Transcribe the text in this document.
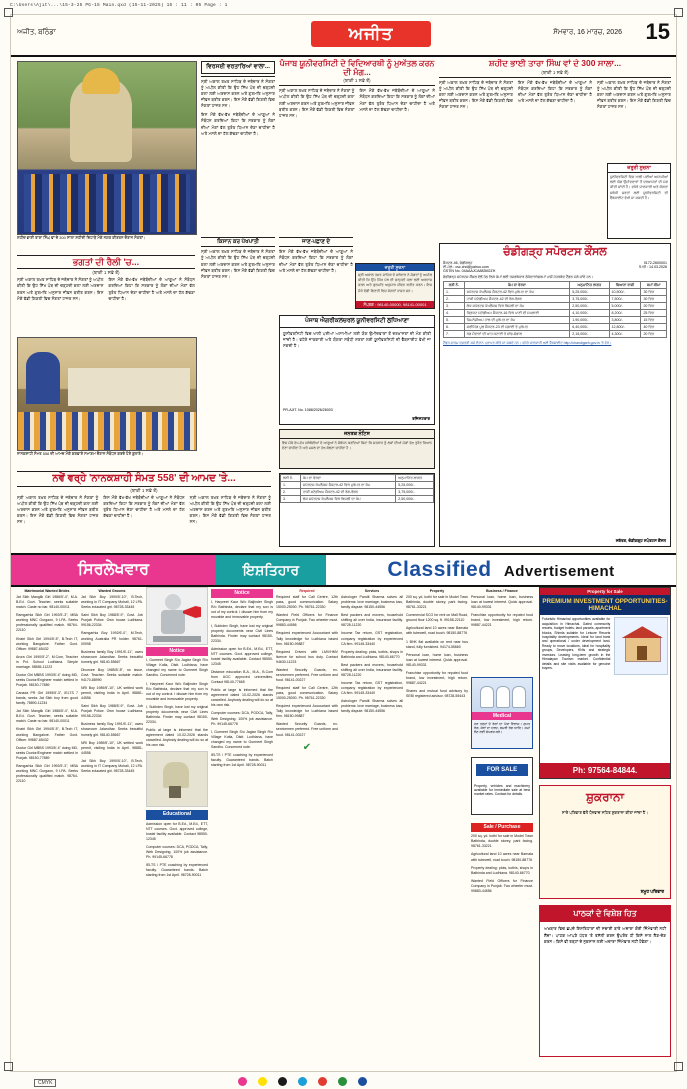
C:\Users\Ajit\...\15-3-25 PG-15 Main.qxd (15-11-2025) 15 : 11 : 05 Page : 1
ਅਜੀਤ, ਬਠਿੰਡਾ	ਅਜੀਤ	ਸੋਮਵਾਰ, 16 ਮਾਰਚ, 2026 15
ਸ਼ਹੀਦ ਭਾਈ ਤਾਰਾ ਸਿੰਘ ਵਾਂ ਦੇ 300 ਸਾਲਾ ਸ਼ਹੀਦੀ ਦਿਹਾੜੇ ਮੌਕੇ ਨਗਰ ਕੀਰਤਨ ਦੌਰਾਨ ਸੰਗਤਾਂ।
ਵਿਰਸਈ ਵਰਤਾਰਿਆਂ ਵਾਲਾ...
ਸ੍ਰੀ ਅਕਾਲ ਤਖ਼ਤ ਸਾਹਿਬ ਦੇ ਜਥੇਦਾਰ ਨੇ ਸੰਗਤਾਂ ਨੂੰ ਅਪੀਲ ਕੀਤੀ ਕਿ ਉਹ ਸਿੱਖ ਪੰਥ ਦੀ ਚੜ੍ਹਦੀ ਕਲਾ ਲਈ ਅਰਦਾਸ ਕਰਨ ਅਤੇ ਗੁਰਮਤਿ ਅਨੁਸਾਰ ਜੀਵਨ ਬਤੀਤ ਕਰਨ। ਇਸ ਮੌਕੇ ਵੱਡੀ ਗਿਣਤੀ ਵਿਚ ਸੰਗਤਾਂ ਹਾਜ਼ਰ ਸਨ।
ਇਸ ਮੌਕੇ ਵੱਖ-ਵੱਖ ਜਥੇਬੰਦੀਆਂ ਦੇ ਆਗੂਆਂ ਨੇ ਸੰਬੋਧਨ ਕਰਦਿਆਂ ਕਿਹਾ ਕਿ ਸਰਕਾਰ ਨੂੰ ਲੋਕਾਂ ਦੀਆਂ ਮੰਗਾਂ ਵੱਲ ਤੁਰੰਤ ਧਿਆਨ ਦੇਣਾ ਚਾਹੀਦਾ ਹੈ ਅਤੇ ਮਸਲੇ ਦਾ ਹੱਲ ਕੱਢਣਾ ਚਾਹੀਦਾ ਹੈ।
ਪੰਜਾਬ ਯੂਨੀਵਰਸਿਟੀ ਦੇ ਵਿਦਿਆਰਥੀ ਨੂੰ ਮੁਅੱਤਲ ਕਰਨ ਦੀ ਮੰਗ...
(ਬਾਕੀ 1 ਸਫ਼ੇ ਤੋਂ)
ਸ੍ਰੀ ਅਕਾਲ ਤਖ਼ਤ ਸਾਹਿਬ ਦੇ ਜਥੇਦਾਰ ਨੇ ਸੰਗਤਾਂ ਨੂੰ ਅਪੀਲ ਕੀਤੀ ਕਿ ਉਹ ਸਿੱਖ ਪੰਥ ਦੀ ਚੜ੍ਹਦੀ ਕਲਾ ਲਈ ਅਰਦਾਸ ਕਰਨ ਅਤੇ ਗੁਰਮਤਿ ਅਨੁਸਾਰ ਜੀਵਨ ਬਤੀਤ ਕਰਨ। ਇਸ ਮੌਕੇ ਵੱਡੀ ਗਿਣਤੀ ਵਿਚ ਸੰਗਤਾਂ ਹਾਜ਼ਰ ਸਨ।
ਇਸ ਮੌਕੇ ਵੱਖ-ਵੱਖ ਜਥੇਬੰਦੀਆਂ ਦੇ ਆਗੂਆਂ ਨੇ ਸੰਬੋਧਨ ਕਰਦਿਆਂ ਕਿਹਾ ਕਿ ਸਰਕਾਰ ਨੂੰ ਲੋਕਾਂ ਦੀਆਂ ਮੰਗਾਂ ਵੱਲ ਤੁਰੰਤ ਧਿਆਨ ਦੇਣਾ ਚਾਹੀਦਾ ਹੈ ਅਤੇ ਮਸਲੇ ਦਾ ਹੱਲ ਕੱਢਣਾ ਚਾਹੀਦਾ ਹੈ।
ਸ਼ਹੀਦ ਭਾਈ ਤਾਰਾ ਸਿੰਘ ਵਾਂ ਦੇ 300 ਸਾਲਾ...
(ਬਾਕੀ 1 ਸਫ਼ੇ ਤੋਂ)
ਸ੍ਰੀ ਅਕਾਲ ਤਖ਼ਤ ਸਾਹਿਬ ਦੇ ਜਥੇਦਾਰ ਨੇ ਸੰਗਤਾਂ ਨੂੰ ਅਪੀਲ ਕੀਤੀ ਕਿ ਉਹ ਸਿੱਖ ਪੰਥ ਦੀ ਚੜ੍ਹਦੀ ਕਲਾ ਲਈ ਅਰਦਾਸ ਕਰਨ ਅਤੇ ਗੁਰਮਤਿ ਅਨੁਸਾਰ ਜੀਵਨ ਬਤੀਤ ਕਰਨ। ਇਸ ਮੌਕੇ ਵੱਡੀ ਗਿਣਤੀ ਵਿਚ ਸੰਗਤਾਂ ਹਾਜ਼ਰ ਸਨ।
ਇਸ ਮੌਕੇ ਵੱਖ-ਵੱਖ ਜਥੇਬੰਦੀਆਂ ਦੇ ਆਗੂਆਂ ਨੇ ਸੰਬੋਧਨ ਕਰਦਿਆਂ ਕਿਹਾ ਕਿ ਸਰਕਾਰ ਨੂੰ ਲੋਕਾਂ ਦੀਆਂ ਮੰਗਾਂ ਵੱਲ ਤੁਰੰਤ ਧਿਆਨ ਦੇਣਾ ਚਾਹੀਦਾ ਹੈ ਅਤੇ ਮਸਲੇ ਦਾ ਹੱਲ ਕੱਢਣਾ ਚਾਹੀਦਾ ਹੈ।
ਸ੍ਰੀ ਅਕਾਲ ਤਖ਼ਤ ਸਾਹਿਬ ਦੇ ਜਥੇਦਾਰ ਨੇ ਸੰਗਤਾਂ ਨੂੰ ਅਪੀਲ ਕੀਤੀ ਕਿ ਉਹ ਸਿੱਖ ਪੰਥ ਦੀ ਚੜ੍ਹਦੀ ਕਲਾ ਲਈ ਅਰਦਾਸ ਕਰਨ ਅਤੇ ਗੁਰਮਤਿ ਅਨੁਸਾਰ ਜੀਵਨ ਬਤੀਤ ਕਰਨ। ਇਸ ਮੌਕੇ ਵੱਡੀ ਗਿਣਤੀ ਵਿਚ ਸੰਗਤਾਂ ਹਾਜ਼ਰ ਸਨ।
ਜ਼ਰੂਰੀ ਸੂਚਨਾ
ਯੂਨੀਵਰਸਿਟੀ ਵਿਚ ਖਾਲੀ ਪਈਆਂ ਅਸਾਮੀਆਂ ਲਈ ਯੋਗ ਉਮੀਦਵਾਰਾਂ ਤੋਂ ਦਰਖ਼ਾਸਤਾਂ ਦੀ ਮੰਗ ਕੀਤੀ ਜਾਂਦੀ ਹੈ। ਵਧੇਰੇ ਜਾਣਕਾਰੀ ਅਤੇ ਯੋਗਤਾ ਸਬੰਧੀ ਸ਼ਰਤਾਂ ਲਈ ਯੂਨੀਵਰਸਿਟੀ ਦੀ ਵੈੱਬਸਾਈਟ ਵੇਖੀ ਜਾ ਸਕਦੀ ਹੈ।
ਭਗਤਾਂ ਦੀ ਰੈਲੀ 'ਚ...
(ਬਾਕੀ 1 ਸਫ਼ੇ ਤੋਂ)
ਸ੍ਰੀ ਅਕਾਲ ਤਖ਼ਤ ਸਾਹਿਬ ਦੇ ਜਥੇਦਾਰ ਨੇ ਸੰਗਤਾਂ ਨੂੰ ਅਪੀਲ ਕੀਤੀ ਕਿ ਉਹ ਸਿੱਖ ਪੰਥ ਦੀ ਚੜ੍ਹਦੀ ਕਲਾ ਲਈ ਅਰਦਾਸ ਕਰਨ ਅਤੇ ਗੁਰਮਤਿ ਅਨੁਸਾਰ ਜੀਵਨ ਬਤੀਤ ਕਰਨ। ਇਸ ਮੌਕੇ ਵੱਡੀ ਗਿਣਤੀ ਵਿਚ ਸੰਗਤਾਂ ਹਾਜ਼ਰ ਸਨ।
ਇਸ ਮੌਕੇ ਵੱਖ-ਵੱਖ ਜਥੇਬੰਦੀਆਂ ਦੇ ਆਗੂਆਂ ਨੇ ਸੰਬੋਧਨ ਕਰਦਿਆਂ ਕਿਹਾ ਕਿ ਸਰਕਾਰ ਨੂੰ ਲੋਕਾਂ ਦੀਆਂ ਮੰਗਾਂ ਵੱਲ ਤੁਰੰਤ ਧਿਆਨ ਦੇਣਾ ਚਾਹੀਦਾ ਹੈ ਅਤੇ ਮਸਲੇ ਦਾ ਹੱਲ ਕੱਢਣਾ ਚਾਹੀਦਾ ਹੈ।
ਨਾਨਕਸ਼ਾਹੀ ਸੰਮਤ 558 ਦੀ ਆਮਦ ਮੌਕੇ ਕਰਵਾਏ ਸਮਾਗਮ ਦੌਰਾਨ ਸੰਬੋਧਨ ਕਰਦੇ ਹੋਏ ਬੁਲਾਰੇ।
ਨਵੇਂ ਵਰ੍ਹੇ 'ਨਾਨਕਸ਼ਾਹੀ ਸੰਮਤ 558' ਦੀ ਆਮਦ 'ਤੇ...
(ਬਾਕੀ 1 ਸਫ਼ੇ ਤੋਂ)
ਸ੍ਰੀ ਅਕਾਲ ਤਖ਼ਤ ਸਾਹਿਬ ਦੇ ਜਥੇਦਾਰ ਨੇ ਸੰਗਤਾਂ ਨੂੰ ਅਪੀਲ ਕੀਤੀ ਕਿ ਉਹ ਸਿੱਖ ਪੰਥ ਦੀ ਚੜ੍ਹਦੀ ਕਲਾ ਲਈ ਅਰਦਾਸ ਕਰਨ ਅਤੇ ਗੁਰਮਤਿ ਅਨੁਸਾਰ ਜੀਵਨ ਬਤੀਤ ਕਰਨ। ਇਸ ਮੌਕੇ ਵੱਡੀ ਗਿਣਤੀ ਵਿਚ ਸੰਗਤਾਂ ਹਾਜ਼ਰ ਸਨ।
ਇਸ ਮੌਕੇ ਵੱਖ-ਵੱਖ ਜਥੇਬੰਦੀਆਂ ਦੇ ਆਗੂਆਂ ਨੇ ਸੰਬੋਧਨ ਕਰਦਿਆਂ ਕਿਹਾ ਕਿ ਸਰਕਾਰ ਨੂੰ ਲੋਕਾਂ ਦੀਆਂ ਮੰਗਾਂ ਵੱਲ ਤੁਰੰਤ ਧਿਆਨ ਦੇਣਾ ਚਾਹੀਦਾ ਹੈ ਅਤੇ ਮਸਲੇ ਦਾ ਹੱਲ ਕੱਢਣਾ ਚਾਹੀਦਾ ਹੈ।
ਸ੍ਰੀ ਅਕਾਲ ਤਖ਼ਤ ਸਾਹਿਬ ਦੇ ਜਥੇਦਾਰ ਨੇ ਸੰਗਤਾਂ ਨੂੰ ਅਪੀਲ ਕੀਤੀ ਕਿ ਉਹ ਸਿੱਖ ਪੰਥ ਦੀ ਚੜ੍ਹਦੀ ਕਲਾ ਲਈ ਅਰਦਾਸ ਕਰਨ ਅਤੇ ਗੁਰਮਤਿ ਅਨੁਸਾਰ ਜੀਵਨ ਬਤੀਤ ਕਰਨ। ਇਸ ਮੌਕੇ ਵੱਡੀ ਗਿਣਤੀ ਵਿਚ ਸੰਗਤਾਂ ਹਾਜ਼ਰ ਸਨ।
ਕਿਸਾਨ ਕਰ ਪੱਖਪਾਤੀ
ਸ੍ਰੀ ਅਕਾਲ ਤਖ਼ਤ ਸਾਹਿਬ ਦੇ ਜਥੇਦਾਰ ਨੇ ਸੰਗਤਾਂ ਨੂੰ ਅਪੀਲ ਕੀਤੀ ਕਿ ਉਹ ਸਿੱਖ ਪੰਥ ਦੀ ਚੜ੍ਹਦੀ ਕਲਾ ਲਈ ਅਰਦਾਸ ਕਰਨ ਅਤੇ ਗੁਰਮਤਿ ਅਨੁਸਾਰ ਜੀਵਨ ਬਤੀਤ ਕਰਨ। ਇਸ ਮੌਕੇ ਵੱਡੀ ਗਿਣਤੀ ਵਿਚ ਸੰਗਤਾਂ ਹਾਜ਼ਰ ਸਨ।
ਜਾਣ-ਪਛਾਣ ਦੇ
ਇਸ ਮੌਕੇ ਵੱਖ-ਵੱਖ ਜਥੇਬੰਦੀਆਂ ਦੇ ਆਗੂਆਂ ਨੇ ਸੰਬੋਧਨ ਕਰਦਿਆਂ ਕਿਹਾ ਕਿ ਸਰਕਾਰ ਨੂੰ ਲੋਕਾਂ ਦੀਆਂ ਮੰਗਾਂ ਵੱਲ ਤੁਰੰਤ ਧਿਆਨ ਦੇਣਾ ਚਾਹੀਦਾ ਹੈ ਅਤੇ ਮਸਲੇ ਦਾ ਹੱਲ ਕੱਢਣਾ ਚਾਹੀਦਾ ਹੈ।
ਜ਼ਰੂਰੀ ਸੂਚਨਾ
ਸ੍ਰੀ ਅਕਾਲ ਤਖ਼ਤ ਸਾਹਿਬ ਦੇ ਜਥੇਦਾਰ ਨੇ ਸੰਗਤਾਂ ਨੂੰ ਅਪੀਲ ਕੀਤੀ ਕਿ ਉਹ ਸਿੱਖ ਪੰਥ ਦੀ ਚੜ੍ਹਦੀ ਕਲਾ ਲਈ ਅਰਦਾਸ ਕਰਨ ਅਤੇ ਗੁਰਮਤਿ ਅਨੁਸਾਰ ਜੀਵਨ ਬਤੀਤ ਕਰਨ। ਇਸ ਮੌਕੇ ਵੱਡੀ ਗਿਣਤੀ ਵਿਚ ਸੰਗਤਾਂ ਹਾਜ਼ਰ ਸਨ।
ਸੰਪਰਕ : 98140-00000, 98141-00001
ਪੰਜਾਬ ਐਗਰੀਕਲਚਰਲ ਯੂਨੀਵਰਸਿਟੀ ਲੁਧਿਆਣਾ
ਯੂਨੀਵਰਸਿਟੀ ਵਿਚ ਖਾਲੀ ਪਈਆਂ ਅਸਾਮੀਆਂ ਲਈ ਯੋਗ ਉਮੀਦਵਾਰਾਂ ਤੋਂ ਦਰਖ਼ਾਸਤਾਂ ਦੀ ਮੰਗ ਕੀਤੀ ਜਾਂਦੀ ਹੈ। ਵਧੇਰੇ ਜਾਣਕਾਰੀ ਅਤੇ ਯੋਗਤਾ ਸਬੰਧੀ ਸ਼ਰਤਾਂ ਲਈ ਯੂਨੀਵਰਸਿਟੀ ਦੀ ਵੈੱਬਸਾਈਟ ਵੇਖੀ ਜਾ ਸਕਦੀ ਹੈ।
PR-AJIT. No. 1088/2026/26003
ਰਜਿਸਟਰਾਰ
ਜਨਤਕ ਨੋਟਿਸ
ਇਸ ਮੌਕੇ ਵੱਖ-ਵੱਖ ਜਥੇਬੰਦੀਆਂ ਦੇ ਆਗੂਆਂ ਨੇ ਸੰਬੋਧਨ ਕਰਦਿਆਂ ਕਿਹਾ ਕਿ ਸਰਕਾਰ ਨੂੰ ਲੋਕਾਂ ਦੀਆਂ ਮੰਗਾਂ ਵੱਲ ਤੁਰੰਤ ਧਿਆਨ ਦੇਣਾ ਚਾਹੀਦਾ ਹੈ ਅਤੇ ਮਸਲੇ ਦਾ ਹੱਲ ਕੱਢਣਾ ਚਾਹੀਦਾ ਹੈ।
ਲੜੀ ਨੰ.	ਕੰਮ ਦਾ ਵੇਰਵਾ	ਅਨੁਮਾਨਿਤ ਲਾਗਤ
1.	ਸਪੋਰਟਸ ਕੰਪਲੈਕਸ ਸੈਕਟਰ-42 ਵਿਖੇ ਮੁਰੰਮਤ ਦਾ ਕੰਮ	5,25,000/-
2.	ਹਾਕੀ ਸਟੇਡੀਅਮ ਸੈਕਟਰ-42 ਦੀ ਰੰਗ-ਰੋਗਨ	3,75,000/-
3.	ਲੇਕ ਸਪੋਰਟਸ ਕੰਪਲੈਕਸ ਵਿਖੇ ਬਿਜਲੀ ਦਾ ਕੰਮ	2,50,000/-
ਚੰਡੀਗੜ੍ਹ ਸਪੋਰਟਸ ਕੌਂਸਲ
ਸੈਕਟਰ-46, ਚੰਡੀਗੜ੍ਹ	0172-2600001
ਈ-ਮੇਲ : csc.chd@yahoo.com	ਮਿਤੀ : 14.03.2026
GSTIN No. 04AAAJCA883M2ZH
ਚੰਡੀਗੜ੍ਹ ਸਪੋਰਟਸ ਕੌਂਸਲ ਵੱਲੋਂ ਹੇਠ ਲਿਖੇ ਕੰਮਾਂ ਲਈ ਤਜਰਬੇਕਾਰ ਠੇਕੇਦਾਰਾਂ/ਫ਼ਰਮਾਂ ਪਾਸੋਂ ਮੋਹਰਬੰਦ ਟੈਂਡਰ ਮੰਗੇ ਜਾਂਦੇ ਹਨ।
ਲੜੀ ਨੰ.	ਕੰਮ ਦਾ ਵੇਰਵਾ	ਅਨੁਮਾਨਿਤ ਲਾਗਤ	ਬਿਆਨਾ ਰਾਸ਼ੀ	ਸਮਾਂ ਸੀਮਾ
1.	ਸਪੋਰਟਸ ਕੰਪਲੈਕਸ ਸੈਕਟਰ-42 ਵਿਖੇ ਮੁਰੰਮਤ ਦਾ ਕੰਮ	5,25,000/-	10,500/-	30 ਦਿਨ
2.	ਹਾਕੀ ਸਟੇਡੀਅਮ ਸੈਕਟਰ-42 ਦੀ ਰੰਗ-ਰੋਗਨ	3,75,000/-	7,500/-	30 ਦਿਨ
3.	ਲੇਕ ਸਪੋਰਟਸ ਕੰਪਲੈਕਸ ਵਿਖੇ ਬਿਜਲੀ ਦਾ ਕੰਮ	2,50,000/-	5,000/-	20 ਦਿਨ
4.	ਕ੍ਰਿਕਟ ਸਟੇਡੀਅਮ ਸੈਕਟਰ-16 ਵਿਖੇ ਪਾਣੀ ਦੀ ਸਪਲਾਈ	4,10,000/-	8,200/-	25 ਦਿਨ
5.	ਜਿਮਨੇਜ਼ੀਅਮ ਹਾਲ ਦੀ ਮੁਰੰਮਤ ਦਾ ਕੰਮ	1,90,000/-	3,800/-	15 ਦਿਨ
6.	ਸਵੀਮਿੰਗ ਪੂਲ ਸੈਕਟਰ-23 ਦੀ ਸਫ਼ਾਈ ਤੇ ਮੁਰੰਮਤ	6,40,000/-	12,800/-	40 ਦਿਨ
7.	ਖੇਡ ਮੈਦਾਨਾਂ ਦੀ ਘਾਹ ਕਟਾਈ ਤੇ ਸਾਂਭ-ਸੰਭਾਲ	2,15,000/-	4,300/-	20 ਦਿਨ
ਟੈਂਡਰ ਫ਼ਾਰਮ ਦਫ਼ਤਰੀ ਸਮੇਂ ਦੌਰਾਨ ਪ੍ਰਾਪਤ ਕੀਤੇ ਜਾ ਸਕਦੇ ਹਨ। ਵਧੇਰੇ ਜਾਣਕਾਰੀ ਲਈ ਵੈੱਬਸਾਈਟ http://chandigarh.gov.in 'ਤੇ ਵੇਖੋ।
ਸਕੱਤਰ, ਚੰਡੀਗੜ੍ਹ ਸਪੋਰਟਸ ਕੌਂਸਲ
ਸਿਰਲੇਖਵਾਰ	ਇਸ਼ਤਿਹਾਰ	Classified Advertisement
Matrimonial Wanted Brides
Jat Sikh Manglik Girl 1986/5'-4", M.A. B.Ed. Govt. Teacher, seeks suitable match. Caste no bar. 98140-00011
Ramgarhia Sikh Girl 1992/5'-3", MBA working MNC Gurgaon, 9 LPA. Seeks professionally qualified match. 98764-22110
Khatri Sikh Girl 1994/5'-5", B.Tech IT, working Bangalore. Father Govt. Officer. 99887-65432
Arora Girl 1990/5'-2", M.Com, Teacher in Pvt. School Ludhiana. Simple marriage. 98555-11223
Doctor Girl MBBS 1993/5'-4" doing MD, seeks Doctor/Engineer match settled in Punjab. 98150-77889
Canada PR Girl 1995/5'-3", IELTS 7 bands, seeks Jat Sikh boy from good family. 78890-11234
Jat Sikh Manglik Girl 1986/5'-4", M.A. B.Ed. Govt. Teacher, seeks suitable match. Caste no bar. 98140-00011
Khatri Sikh Girl 1994/5'-5", B.Tech IT, working Bangalore. Father Govt. Officer. 99887-65432
Doctor Girl MBBS 1993/5'-4" doing MD, seeks Doctor/Engineer match settled in Punjab. 98150-77889
Ramgarhia Sikh Girl 1992/5'-3", MBA working MNC Gurgaon, 9 LPA. Seeks professionally qualified match. 98764-22110
Wanted Grooms
Jat Sikh Boy 1990/5'-10", B.Tech, working in IT Company Mohali, 12 LPA. Seeks educated girl. 98728-33445
Saini Sikh Boy 1988/5'-9", Govt. Job Punjab Police. Own house Ludhiana. 99156-22334
Ramgarhia Boy 1992/6'-0", M.Tech, working Australia PR holder. 98761-00998
Business family Boy 1991/5'-11", owns showroom Jalandhar. Seeks beautiful homely girl. 98140-55667
Divorcee Boy 1985/5'-8", no issue, Govt. Teacher. Seeks suitable match. 94170-88990
NRI Boy 1989/5'-10", UK settled work permit, visiting India in April. 98881-44556
Saini Sikh Boy 1988/5'-9", Govt. Job Punjab Police. Own house Ludhiana. 99156-22334
Business family Boy 1991/5'-11", owns showroom Jalandhar. Seeks beautiful homely girl. 98140-55667
NRI Boy 1989/5'-10", UK settled work permit, visiting India in April. 98881-44556
Jat Sikh Boy 1990/5'-10", B.Tech, working in IT Company Mohali, 12 LPA. Seeks educated girl. 98728-33445
Notice
I, Gurmeet Singh S/o Jagtar Singh R/o Village Kotla, Distt. Ludhiana, have changed my name to Gurmeet Singh Sandhu. Concerned note.
I, Harpreet Kaur W/o Baljinder Singh R/o Bathinda, declare that my son is out of my control. I disown him from my movable and immovable property.
I, Sukhdev Singh, have lost my original property documents near Civil Lines Bathinda. Finder may contact 98150-22334.
Public at large is informed that the agreement dated 10-02-2026 stands cancelled. Anybody dealing will do so at his own risk.
Educational
Admission open for B.Ed., M.Ed., ETT, NTT courses. Govt. approved college, hostel facility available. Contact 98550-12345
Computer courses: DCA, PGDCA, Tally, Web Designing. 100% job assistance. Ph. 99145-66778
IELTS / PTE coaching by experienced faculty. Guaranteed bands. Batch starting from 1st April. 98728-90011
Notice
I, Harpreet Kaur W/o Baljinder Singh R/o Bathinda, declare that my son is out of my control. I disown him from my movable and immovable property.
I, Sukhdev Singh, have lost my original property documents near Civil Lines Bathinda. Finder may contact 98150-22334.
Admission open for B.Ed., M.Ed., ETT, NTT courses. Govt. approved college, hostel facility available. Contact 98550-12345
Distance education B.A., M.A., B.Com from UGC approved universities. Contact 98140-77665
Public at large is informed that the agreement dated 10-02-2026 stands cancelled. Anybody dealing will do so at his own risk.
Computer courses: DCA, PGDCA, Tally, Web Designing. 100% job assistance. Ph. 99145-66778
I, Gurmeet Singh S/o Jagtar Singh R/o Village Kotla, Distt. Ludhiana, have changed my name to Gurmeet Singh Sandhu. Concerned note.
IELTS / PTE coaching by experienced faculty. Guaranteed bands. Batch starting from 1st April. 98728-90011
Required
Required staff for Call Centre, 12th pass, good communication. Salary 15000-25000. Ph. 98761-22330
Wanted Field Officers for Finance Company in Punjab. Two wheeler must. 99883-44556
Required experienced Accountant with Tally knowledge for Ludhiana based firm. 98150-99887
Required Drivers with LMV/HMV licence for school bus duty. Contact 94630-11223
Wanted Security Guards, ex-servicemen preferred. Free uniform and food. 98141-00227
Required staff for Call Centre, 12th pass, good communication. Salary 15000-25000. Ph. 98761-22330
Required experienced Accountant with Tally knowledge for Ludhiana based firm. 98150-99887
Wanted Security Guards, ex-servicemen preferred. Free uniform and food. 98141-00227
✔
Services
Astrologer Pandit Sharma solves all problems: love marriage, business loss, family dispute. 98150-44556
Best packers and movers, household shifting all over India, insurance facility. 98728-11220
Income Tax return, GST registration, company registration by experienced CA firm. 99145-33440
Property dealing: plots, kothis, shops in Bathinda and Ludhiana. 98140-66770
Best packers and movers, household shifting all over India, insurance facility. 98728-11220
Income Tax return, GST registration, company registration by experienced CA firm. 99145-33440
Astrologer Pandit Sharma solves all problems: love marriage, business loss, family dispute. 98150-44556
Property
200 sq. yd. kothi for sale in Model Town Bathinda, double storey, park facing. 98761-33221
Commercial SCO for rent on Mall Road, ground floor 1200 sq. ft. 99158-22110
Agricultural land 10 acres near Barnala with tubewell, road touch. 98150-88776
1 BHK flat available on rent near bus stand, fully furnished. 94174-55660
Personal loan, home loan, business loan at lowest interest. Quick approval. 98140-99331
Franchise opportunity for reputed food brand, low investment, high return. 99887-44221
Shares and mutual fund advisory by SEBI registered advisor. 98728-55443
Medical
ਹਰ ਤਰ੍ਹਾਂ ਦੇ ਰੋਗਾਂ ਦਾ ਪੱਕਾ ਇਲਾਜ। ਗੁਪਤ ਰੋਗ, ਜੋੜਾਂ ਦਾ ਦਰਦ, ਚਮੜੀ ਰੋਗ ਆਦਿ। ਸਮਾਂ ਲੈਣ ਲਈ ਸੰਪਰਕ ਕਰੋ।
FOR SALE
Property, vehicles and machinery available for immediate sale at best market rates. Contact for details.
Business / Finance
Personal loan, home loan, business loan at lowest interest. Quick approval. 98140-99331
Franchise opportunity for reputed food brand, low investment, high return. 99887-44221
Sale / Purchase
200 sq. yd. kothi for sale in Model Town Bathinda, double storey, park facing. 98761-33221
Agricultural land 10 acres near Barnala with tubewell, road touch. 98150-88776
Property dealing: plots, kothis, shops in Bathinda and Ludhiana. 98140-66770
Wanted Field Officers for Finance Company in Punjab. Two wheeler must. 99883-44556
Property for Sale
PREMIUM INVESTMENT OPPORTUNITIES-HIMACHAL
Futuristic Himachal opportunities available for acquisition in Himachal. Gated community resorts, budget hotels, land parcels, apartment blocks, Shimla suitable for Leisure Resorts hospitality developments. Ideal for land bank and operational / under development land. Ready to move locations, ideal for hospitality groups, Developers, HNIs and strategic investors. Leasing long-term growth in the Himalayan Tourism market. Confidential details and site visits available for genuine buyers.
Ph: 97564-84844.
ਸ਼ੁਕਰਾਨਾ
ਸਾਰੇ ਪਰਿਵਾਰ ਵੱਲੋਂ ਧੰਨਵਾਦ ਸਹਿਤ ਸ਼ੁਕਰਾਨਾ ਕੀਤਾ ਜਾਂਦਾ ਹੈ।
ਸਮੂਹ ਪਰਿਵਾਰ
ਪਾਠਕਾਂ ਦੇ ਵਿਸ਼ੇਸ਼ ਹਿਤ
ਅਖ਼ਬਾਰ ਵਿਚ ਛਪਦੇ ਇਸ਼ਤਿਹਾਰਾਂ ਦੀ ਸਚਾਈ ਬਾਰੇ ਅਦਾਰਾ ਕੋਈ ਜ਼ਿੰਮੇਵਾਰੀ ਨਹੀਂ ਲੈਂਦਾ। ਪਾਠਕ ਆਪਣੇ ਪੱਧਰ 'ਤੇ ਤਸੱਲੀ ਕਰਨ ਉਪਰੰਤ ਹੀ ਕਿਸੇ ਨਾਲ ਲੈਣ-ਦੇਣ ਕਰਨ। ਕਿਸੇ ਵੀ ਤਰ੍ਹਾਂ ਦੇ ਨੁਕਸਾਨ ਲਈ ਅਦਾਰਾ ਜ਼ਿੰਮੇਵਾਰ ਨਹੀਂ ਹੋਵੇਗਾ।
CMYK
